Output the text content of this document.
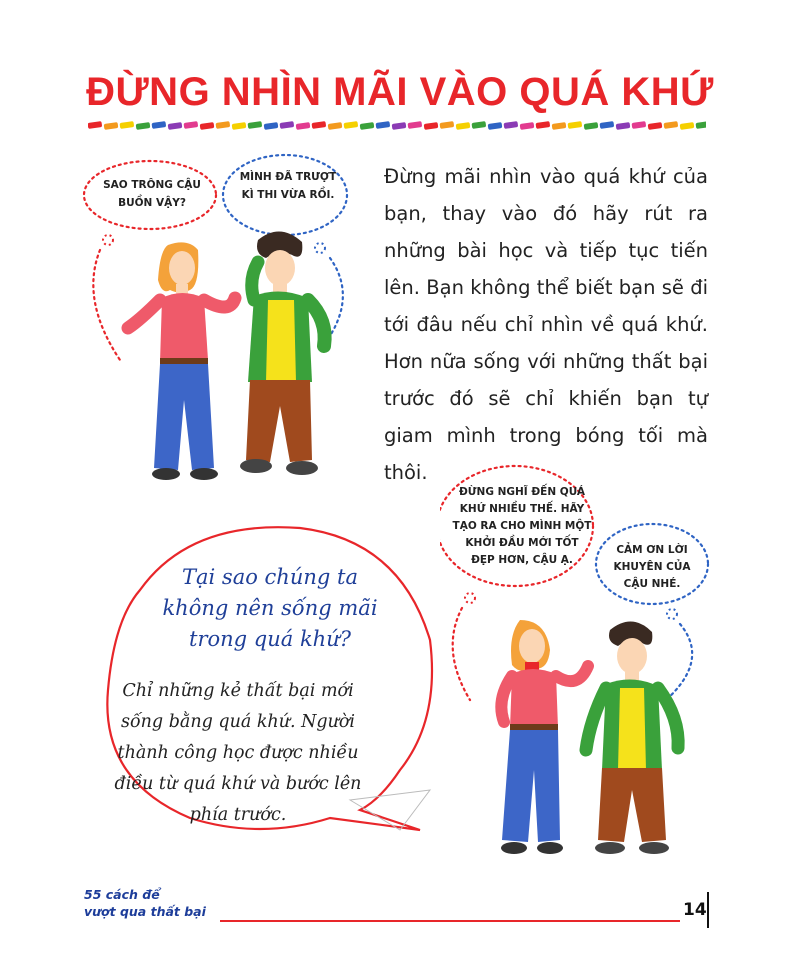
ĐỪNG NHÌN MÃI VÀO QUÁ KHỨ
Đừng mãi nhìn vào quá khứ của bạn, thay vào đó hãy rút ra những bài học và tiếp tục tiến lên. Bạn không thể biết bạn sẽ đi tới đâu nếu chỉ nhìn về quá khứ. Hơn nữa sống với những thất bại trước đó sẽ chỉ khiến bạn tự giam mình trong bóng tối mà thôi.
SAO TRÔNG CẬU BUỒN VẬY?
MÌNH ĐÃ TRƯỢT KÌ THI VỪA RỒI.
Tại sao chúng ta không nên sống mãi trong quá khứ?
Chỉ những kẻ thất bại mới sống bằng quá khứ. Người thành công học được nhiều điều từ quá khứ và bước lên phía trước.
ĐỪNG NGHĨ ĐẾN QUÁ KHỨ NHIỀU THẾ. HÃY TẠO RA CHO MÌNH MỘT KHỞI ĐẦU MỚI TỐT ĐẸP HƠN, CẬU Ạ.
CẢM ƠN LỜI KHUYÊN CỦA CẬU NHÉ.
55 cách để
vượt qua thất bại	14
